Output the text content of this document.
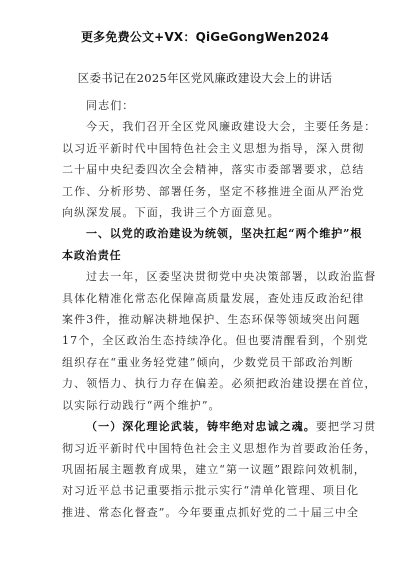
更多免费公文+VX：QiGeGongWen2024
区委书记在2025年区党风廉政建设大会上的讲话
同志们：
今天，我们召开全区党风廉政建设大会，主要任务是：
以习近平新时代中国特色社会主义思想为指导，深入贯彻
二十届中央纪委四次全会精神，落实市委部署要求，总结
工作、分析形势、部署任务，坚定不移推进全面从严治党
向纵深发展。下面，我讲三个方面意见。
一、以党的政治建设为统领，坚决扛起“两个维护”根
本政治责任
过去一年，区委坚决贯彻党中央决策部署，以政治监督
具体化精准化常态化保障高质量发展，查处违反政治纪律
案件3件，推动解决耕地保护、生态环保等领域突出问题
17个，全区政治生态持续净化。但也要清醒看到，个别党
组织存在“重业务轻党建”倾向，少数党员干部政治判断
力、领悟力、执行力存在偏差。必须把政治建设摆在首位，
以实际行动践行“两个维护”。
（一）深化理论武装，铸牢绝对忠诚之魂。要把学习贯
彻习近平新时代中国特色社会主义思想作为首要政治任务，
巩固拓展主题教育成果，建立“第一议题”跟踪问效机制，
对习近平总书记重要指示批示实行“清单化管理、项目化
推进、常态化督查”。今年要重点抓好党的二十届三中全
